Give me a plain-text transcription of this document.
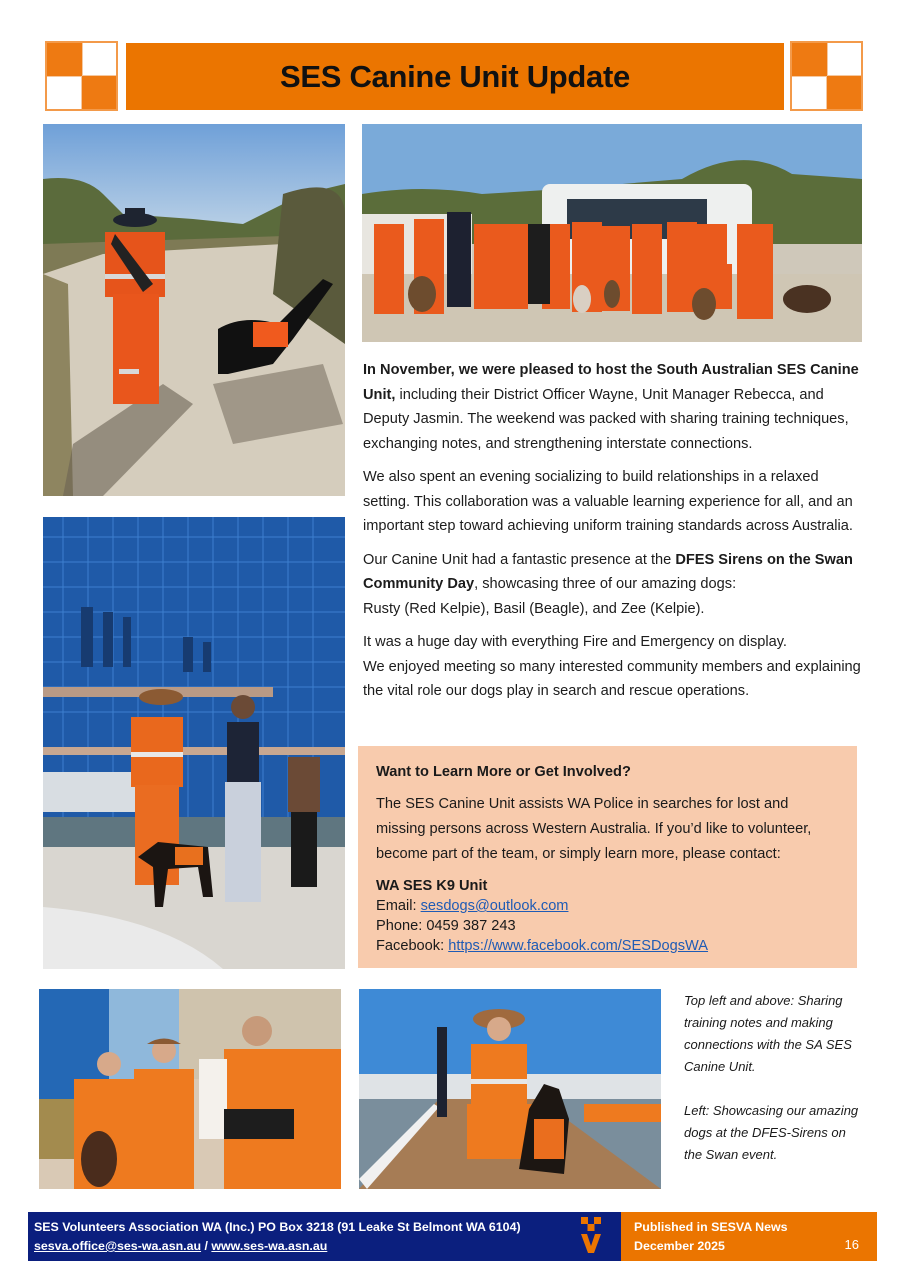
SES Canine Unit Update

In November, we were pleased to host the South Australian SES Canine Unit, including their District Officer Wayne, Unit Manager Rebecca, and Deputy Jasmin. The weekend was packed with sharing training techniques, exchanging notes, and strengthening interstate connections.

We also spent an evening socializing to build relationships in a relaxed setting. This collaboration was a valuable learning experience for all, and an important step toward achieving uniform training standards across Australia.

Our Canine Unit had a fantastic presence at the DFES Sirens on the Swan Community Day, showcasing three of our amazing dogs:
Rusty (Red Kelpie), Basil (Beagle), and Zee (Kelpie).

It was a huge day with everything Fire and Emergency on display.
We enjoyed meeting so many interested community members and explaining the vital role our dogs play in search and rescue operations.

Want to Learn More or Get Involved?
The SES Canine Unit assists WA Police in searches for lost and missing persons across Western Australia. If you’d like to volunteer, become part of the team, or simply learn more, please contact:
WA SES K9 Unit
Email: sesdogs@outlook.com
Phone: 0459 387 243
Facebook: https://www.facebook.com/SESDogsWA

Top left and above: Sharing training notes and making connections with the SA SES Canine Unit.

Left: Showcasing our amazing dogs at the DFES-Sirens on the Swan event.

SES Volunteers Association WA (Inc.) PO Box 3218 (91 Leake St Belmont WA 6104)
sesva.office@ses-wa.asn.au / www.ses-wa.asn.au
Published in SESVA News
December 2025	16
